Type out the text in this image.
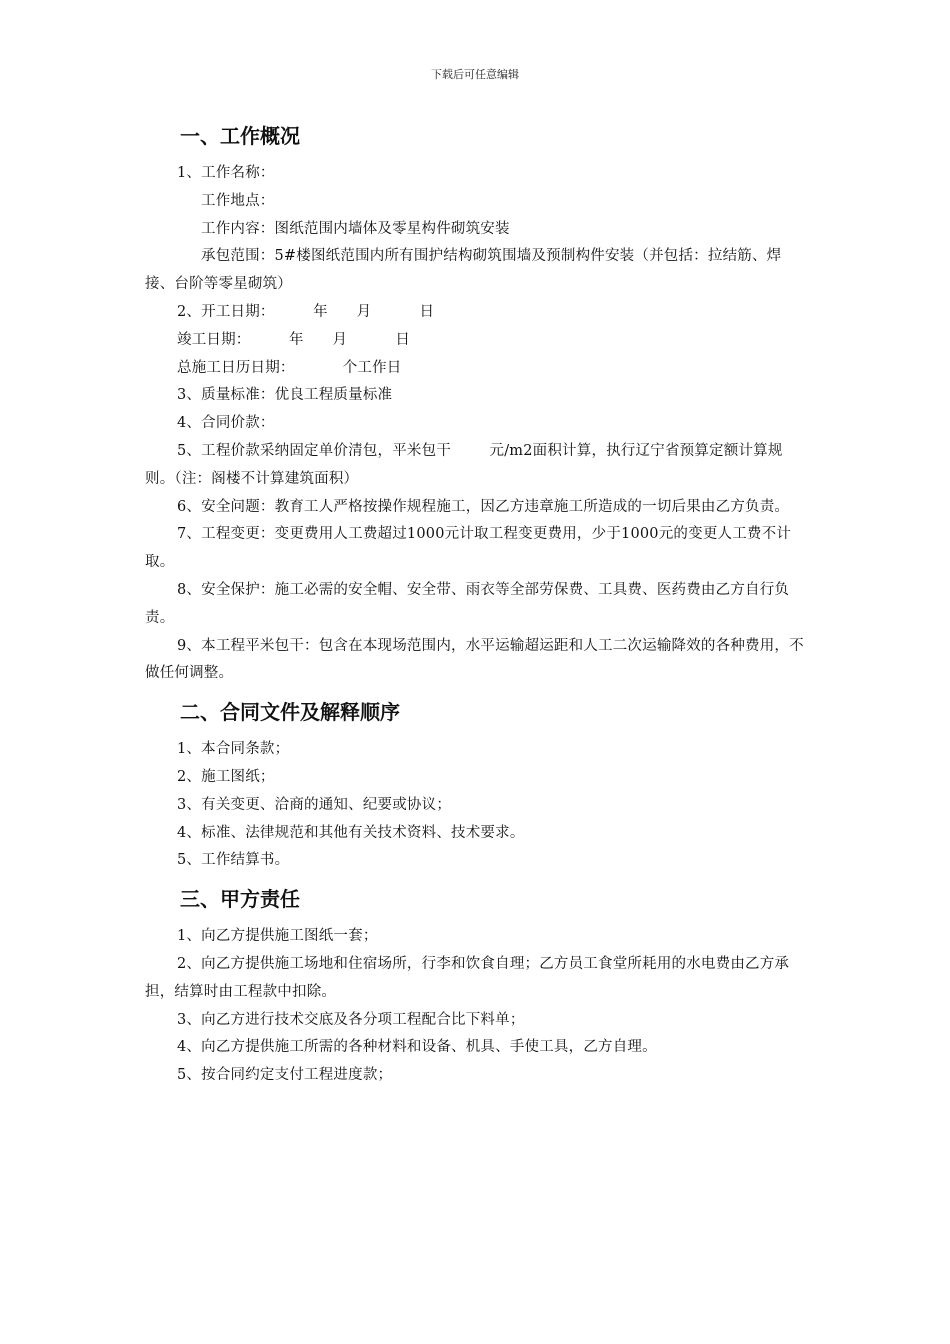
下载后可任意编辑
一、工作概况

1、工作名称：

工作地点：

工作内容：图纸范围内墙体及零星构件砌筑安装

承包范围：5#楼图纸范围内所有围护结构砌筑围墙及预制构件安装（并包括：拉结筋、焊接、台阶等零星砌筑）

2、开工日期：        年      月          日

竣工日期：        年      月          日

总施工日历日期：          个工作日

3、质量标准：优良工程质量标准

4、合同价款：

5、工程价款采纳固定单价清包，平米包干        元/m2面积计算，执行辽宁省预算定额计算规则。（注：阁楼不计算建筑面积）

6、安全问题：教育工人严格按操作规程施工，因乙方违章施工所造成的一切后果由乙方负责。

7、工程变更：变更费用人工费超过1000元计取工程变更费用，少于1000元的变更人工费不计取。

8、安全保护：施工必需的安全帽、安全带、雨衣等全部劳保费、工具费、医药费由乙方自行负责。

9、本工程平米包干：包含在本现场范围内，水平运输超运距和人工二次运输降效的各种费用，不做任何调整。

二、合同文件及解释顺序

1、本合同条款；

2、施工图纸；

3、有关变更、洽商的通知、纪要或协议；

4、标准、法律规范和其他有关技术资料、技术要求。

5、工作结算书。

三、甲方责任

1、向乙方提供施工图纸一套；

2、向乙方提供施工场地和住宿场所，行李和饮食自理；乙方员工食堂所耗用的水电费由乙方承担，结算时由工程款中扣除。

3、向乙方进行技术交底及各分项工程配合比下料单；

4、向乙方提供施工所需的各种材料和设备、机具、手使工具，乙方自理。

5、按合同约定支付工程进度款；
